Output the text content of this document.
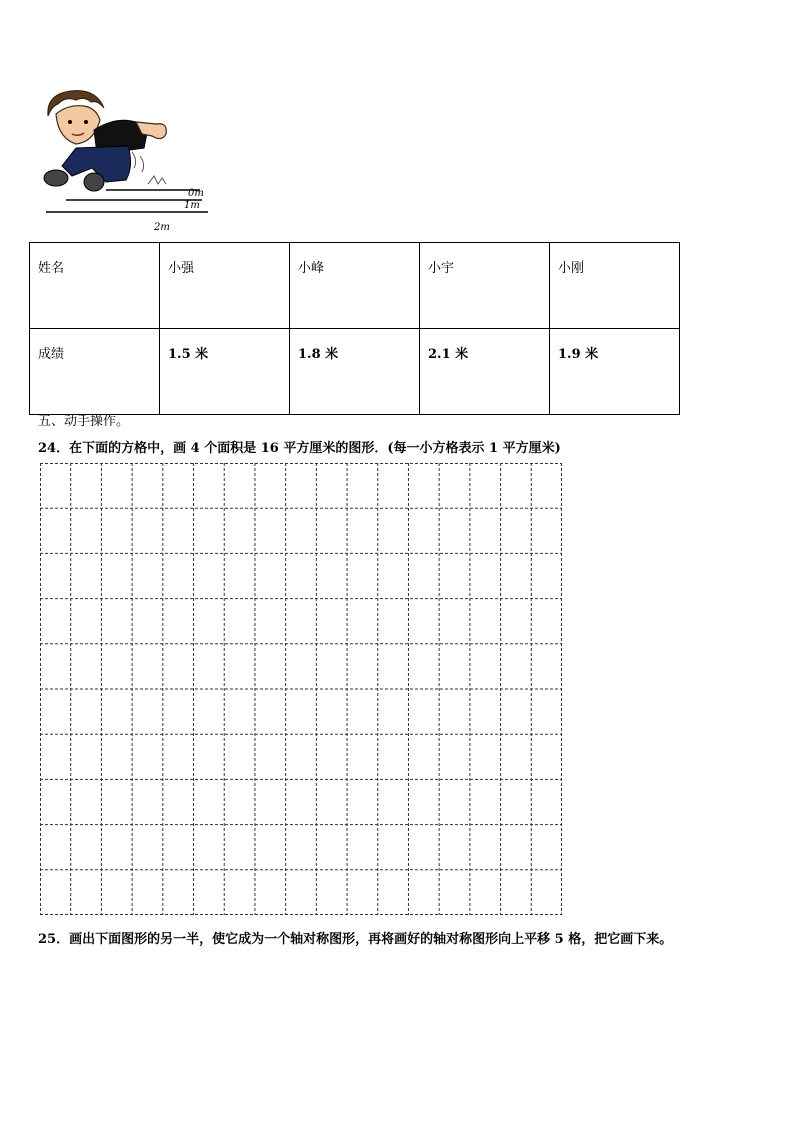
0m
1m
2m
姓名	小强	小峰	小宇	小刚
成绩	1.5 米	1.8 米	2.1 米	1.9 米
五、动手操作。
24．在下面的方格中，画 4 个面积是 16 平方厘米的图形．(每一小方格表示 1 平方厘米)
25．画出下面图形的另一半，使它成为一个轴对称图形，再将画好的轴对称图形向上平移 5 格，把它画下来。
